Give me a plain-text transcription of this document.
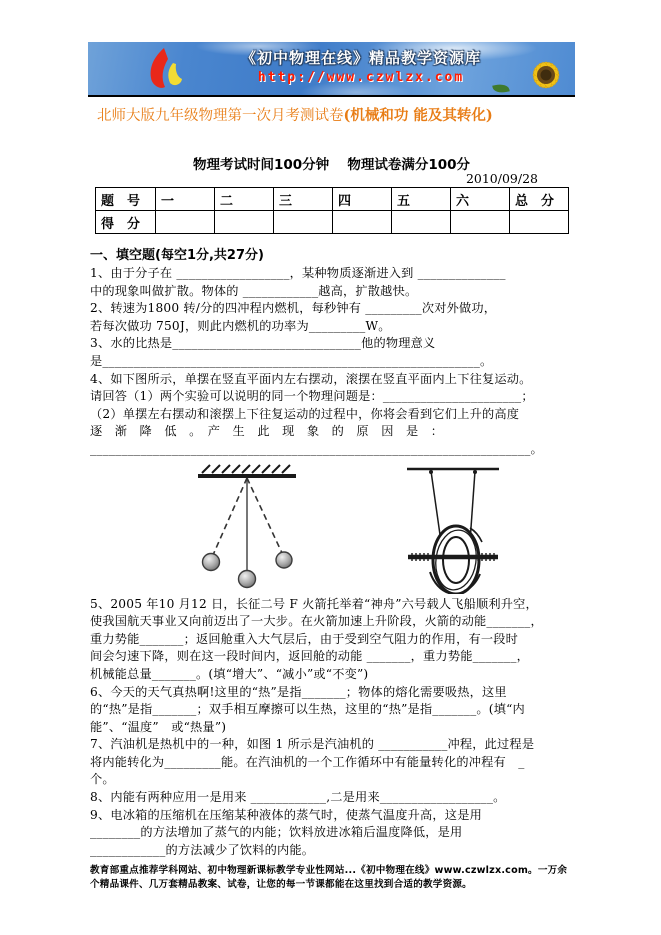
《初中物理在线》精品教学资源库
http://www.czwlzx.com
北师大版九年级物理第一次月考测试卷(机械和功 能及其转化)
物理考试时间100分钟　 物理试卷满分100分
2010/09/28
题　号	一	二	三	四	五	六	总　分
得　分							
一、填空题(每空1分,共27分)
1、由于分子在 __________________，某种物质逐渐进入到 ______________
中的现象叫做扩散。物体的 ____________越高，扩散越快。
2、转速为1800 转/分的四冲程内燃机，每秒钟有 _________次对外做功，
若每次做功 750J，则此内燃机的功率为_________W。
3、水的比热是______________________________他的物理意义
是____________________________________________________________。
4、如下图所示，单摆在竖直平面内左右摆动，滚摆在竖直平面内上下往复运动。
请回答（1）两个实验可以说明的同一个物理问题是：______________________；
（2）单摆左右摆动和滚摆上下往复运动的过程中，你将会看到它们上升的高度
逐　渐　降　低　。　产　生　此　现　象　的　原　因　是　：
______________________________________________________________________。
5、2005 年10 月12 日，长征二号 F 火箭托举着“神舟”六号载人飞船顺利升空，
使我国航天事业又向前迈出了一大步。在火箭加速上升阶段，火箭的动能_______，
重力势能_______；返回舱重入大气层后，由于受到空气阻力的作用，有一段时
间会匀速下降，则在这一段时间内，返回舱的动能 _______，重力势能_______，
机械能总量_______。(填“增大”、“减小”或“不变”)
6、今天的天气真热啊!这里的“热”是指_______；物体的熔化需要吸热，这里
的“热”是指_______；双手相互摩擦可以生热，这里的“热”是指_______。(填“内
能”、“温度”　或“热量”)
7、汽油机是热机中的一种，如图 1 所示是汽油机的 ___________冲程，此过程是
将内能转化为_________能。在汽油机的一个工作循环中有能量转化的冲程有　_
个。
8、内能有两种应用一是用来 ____________,二是用来__________________。
9、电冰箱的压缩机在压缩某种液体的蒸气时，使蒸气温度升高，这是用
________的方法增加了蒸气的内能；饮料放进冰箱后温度降低，是用
____________的方法减少了饮料的内能。
教育部重点推荐学科网站、初中物理新课标教学专业性网站...《初中物理在线》www.czwlzx.com。一万余
个精品课件、几万套精品教案、试卷，让您的每一节课都能在这里找到合适的教学资源。
